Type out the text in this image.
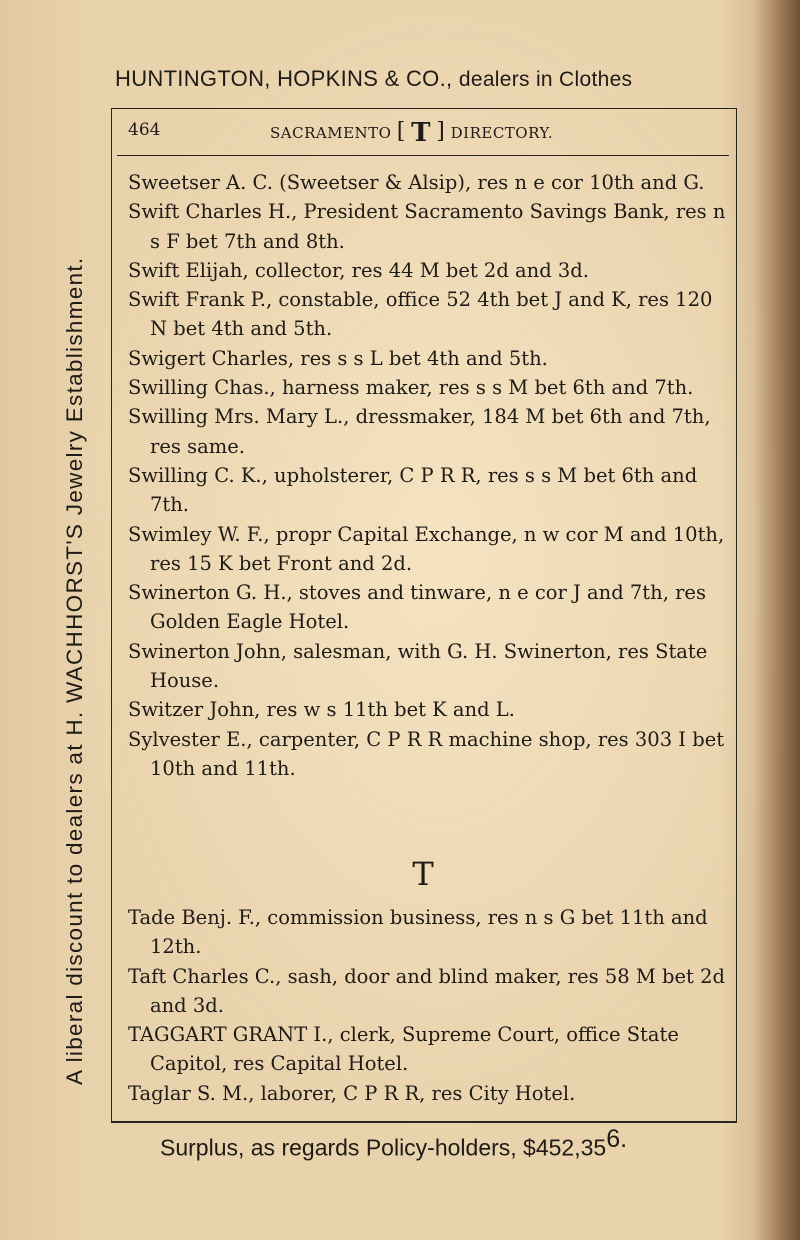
HUNTINGTON, HOPKINS & CO., dealers in Clothes
A liberal discount to dealers at H. WACHHORST'S Jewelry Establishment.
464	SACRAMENTO [ T ] DIRECTORY.

Sweetser A. C. (Sweetser & Alsip), res n e cor 10th and G.

Swift Charles H., President Sacramento Savings Bank, res n s F bet 7th and 8th.

Swift Elijah, collector, res 44 M bet 2d and 3d.

Swift Frank P., constable, office 52 4th bet J and K, res 120 N bet 4th and 5th.

Swigert Charles, res s s L bet 4th and 5th.

Swilling Chas., harness maker, res s s M bet 6th and 7th.

Swilling Mrs. Mary L., dressmaker, 184 M bet 6th and 7th, res same.

Swilling C. K., upholsterer, C P R R, res s s M bet 6th and 7th.

Swimley W. F., propr Capital Exchange, n w cor M and 10th, res 15 K bet Front and 2d.

Swinerton G. H., stoves and tinware, n e cor J and 7th, res Golden Eagle Hotel.

Swinerton John, salesman, with G. H. Swinerton, res State House.

Switzer John, res w s 11th bet K and L.

Sylvester E., carpenter, C P R R machine shop, res 303 I bet 10th and 11th.

T

Tade Benj. F., commission business, res n s G bet 11th and 12th.

Taft Charles C., sash, door and blind maker, res 58 M bet 2d and 3d.

TAGGART GRANT I., clerk, Supreme Court, office State Capitol, res Capital Hotel.

Taglar S. M., laborer, C P R R, res City Hotel.

Surplus, as regards Policy-holders, $\$452,35^{6.}$
